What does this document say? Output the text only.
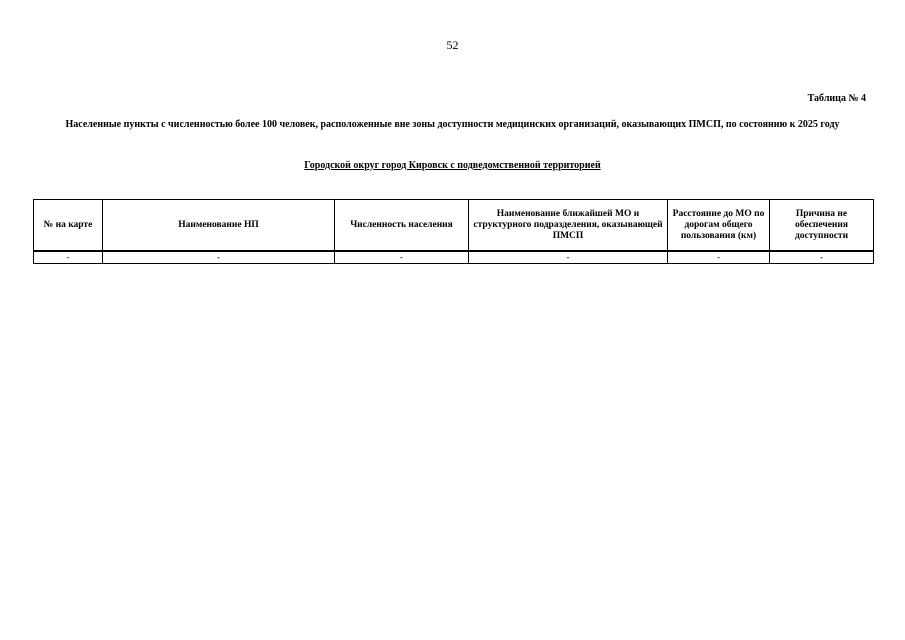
52
Таблица № 4
Населенные пункты с численностью более 100 человек, расположенные вне зоны доступности медицинских организаций, оказывающих ПМСП, по состоянию к 2025 году
Городской округ город Кировск с подведомственной территорией
№ на карте	Наименование НП	Численность населения	Наименование ближайшей МО и структурного подразделения, оказывающей ПМСП	Расстояние до МО по дорогам общего пользования (км)	Причина не обеспечения доступности
-	-	-	-	-	-
